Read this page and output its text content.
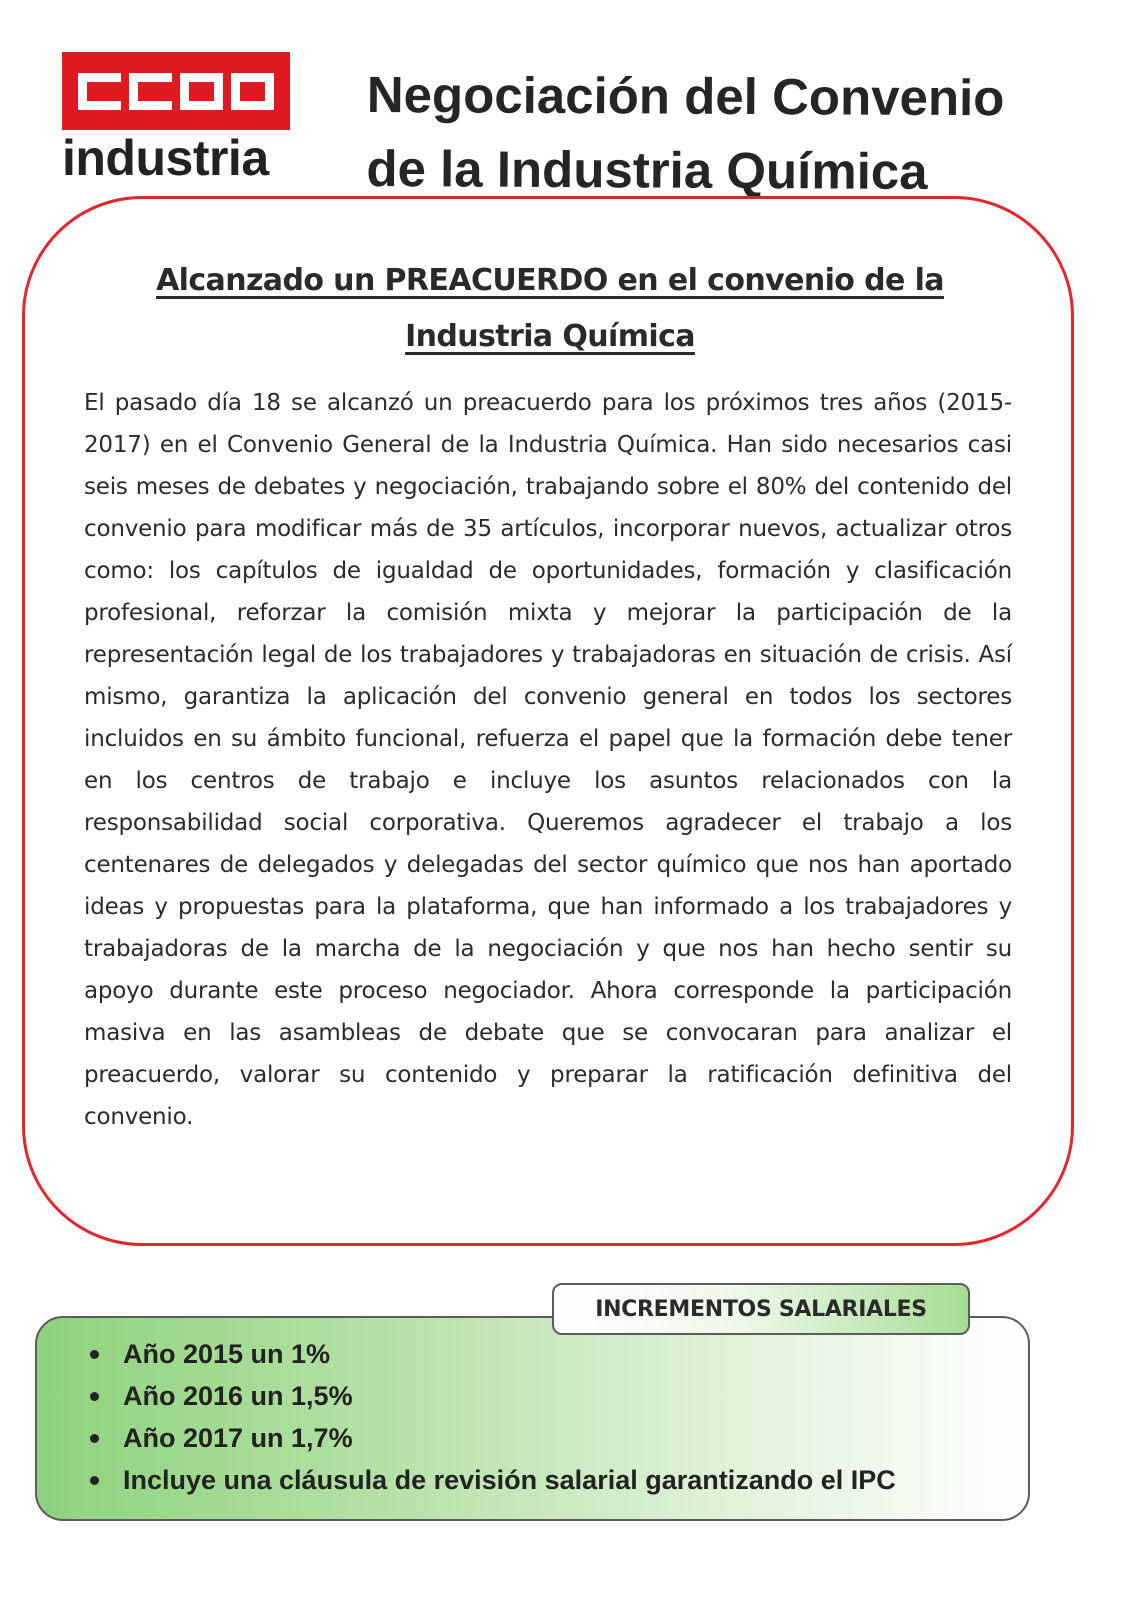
industria
Negociación del Convenio
de la Industria Química
Alcanzado un PREACUERDO en el convenio de la
Industria Química
El pasado día 18 se alcanzó un preacuerdo para los próximos tres años (2015-2017) en el Convenio General de la Industria Química. Han sido necesarios casi seis meses de debates y negociación, trabajando sobre el 80% del contenido del convenio para modificar más de 35 artículos, incorporar nuevos, actualizar otros como: los capítulos de igualdad de oportunidades, formación y clasificación profesional, reforzar la comisión mixta y mejorar la participación de la representación legal de los trabajadores y trabajadoras en situación de crisis. Así mismo, garantiza la aplicación del convenio general en todos los sectores incluidos en su ámbito funcional, refuerza el papel que la formación debe tener en los centros de trabajo e incluye los asuntos relacionados con la responsabilidad social corporativa. Queremos agradecer el trabajo a los centenares de delegados y delegadas del sector químico que nos han aportado ideas y propuestas para la plataforma, que han informado a los trabajadores y trabajadoras de la marcha de la negociación y que nos han hecho sentir su apoyo durante este proceso negociador. Ahora corresponde la participación masiva en las asambleas de debate que se convocaran para analizar el preacuerdo, valorar su contenido y preparar la ratificación definitiva del convenio.
INCREMENTOS SALARIALES
Año 2015 un 1%
Año 2016 un 1,5%
Año 2017 un 1,7%
Incluye una cláusula de revisión salarial garantizando el IPC
